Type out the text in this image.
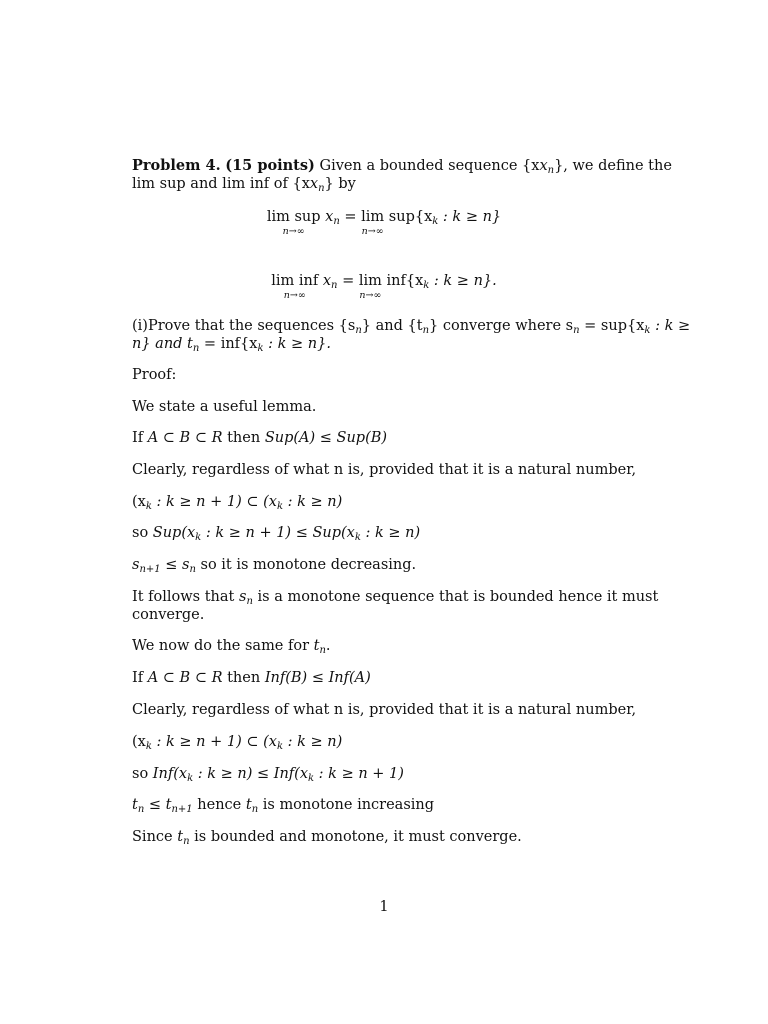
Problem 4. (15 points) Given a bounded sequence $\{xx_n\}$, we define the
lim sup and lim inf of $\{xx_n\}$ by
lim sup
n→∞
$x_n = \lim$
n→∞
$sup\{x_k$ : k ≥ n}
lim inf
n→∞
$x_n = \lim$
n→∞
$inf\{x_k$ : k ≥ n}.
(i)Prove that the sequences $\{s_n\}$ and $\{t_n\}$ converge where $s_n = sup\{x_k$ : k ≥
n} and $t_n = inf\{x_k$ : k ≥ n}.
Proof:
We state a useful lemma.
If A ⊂ B ⊂ R then Sup(A) ≤ Sup(B)
Clearly, regardless of what n is, provided that it is a natural number,
($x_k$ : k ≥ n + 1) ⊂ ($x_k$ : k ≥ n)
so $Sup(x_k$ : $k \ge n + 1) \le Sup(x_k$ : k ≥ n)
$s_{n+1} \le s_n$ so it is monotone decreasing.
It follows that $s_n$ is a monotone sequence that is bounded hence it must
converge.
We now do the same for $t_n$.
If A ⊂ B ⊂ R then Inf(B) ≤ Inf(A)
Clearly, regardless of what n is, provided that it is a natural number,
($x_k$ : k ≥ n + 1) ⊂ ($x_k$ : k ≥ n)
so $Inf(x_k$ : $k \ge n) \le Inf(x_k$ : k ≥ n + 1)
$t_n \le t_{n+1}$ hence $t_n$ is monotone increasing
Since $t_n$ is bounded and monotone, it must converge.
1
